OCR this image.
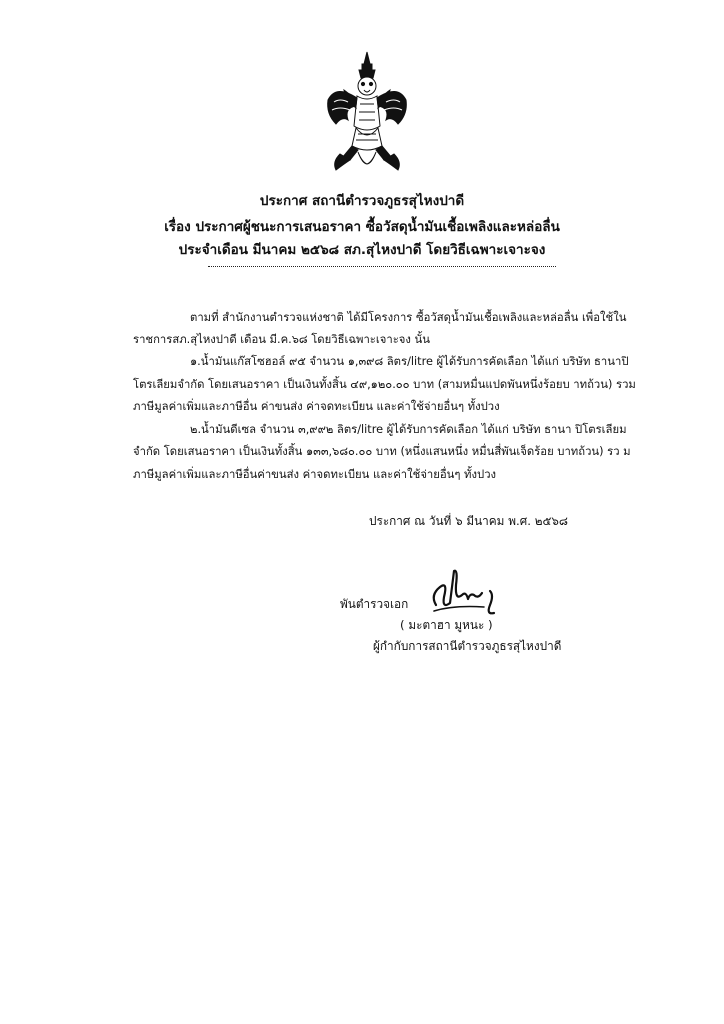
ประกาศ สถานีตำรวจภูธรสุไหงปาดี
เรื่อง ประกาศผู้ชนะการเสนอราคา ซื้อวัสดุน้ำมันเชื้อเพลิงและหล่อลื่น
ประจำเดือน มีนาคม ๒๕๖๘ สภ.สุไหงปาดี โดยวิธีเฉพาะเจาะจง
ตามที่ สำนักงานตำรวจแห่งชาติ ได้มีโครงการ ซื้อวัสดุน้ำมันเชื้อเพลิงและหล่อลื่น เพื่อใช้ใน
ราชการสภ.สุไหงปาดี เดือน มี.ค.๖๘ โดยวิธีเฉพาะเจาะจง นั้น
๑.น้ำมันแก๊สโซฮอล์ ๙๕ จำนวน ๑,๓๙๘ ลิตร/litre ผู้ได้รับการคัดเลือก ได้แก่ บริษัท ธานาปิ
โตรเลียมจำกัด โดยเสนอราคา เป็นเงินทั้งสิ้น ๔๙,๑๒๐.๐๐ บาท (สามหมื่นแปดพันหนึ่งร้อยบ าทถ้วน) รวม
ภาษีมูลค่าเพิ่มและภาษีอื่น ค่าขนส่ง ค่าจดทะเบียน และค่าใช้จ่ายอื่นๆ ทั้งปวง
๒.น้ำมันดีเซล จำนวน ๓,๙๙๒ ลิตร/litre ผู้ได้รับการคัดเลือก ได้แก่ บริษัท ธานา ปิโตรเลียม
จำกัด โดยเสนอราคา เป็นเงินทั้งสิ้น ๑๓๓,๖๘๐.๐๐ บาท (หนึ่งแสนหนึ่ง หมื่นสี่พันเจ็ดร้อย บาทถ้วน) รว ม
ภาษีมูลค่าเพิ่มและภาษีอื่นค่าขนส่ง ค่าจดทะเบียน และค่าใช้จ่ายอื่นๆ ทั้งปวง
ประกาศ ณ วันที่ ๖ มีนาคม พ.ศ. ๒๕๖๘
พันตำรวจเอก
( มะตาฮา มูหนะ )
ผู้กำกับการสถานีตำรวจภูธรสุไหงปาดี
